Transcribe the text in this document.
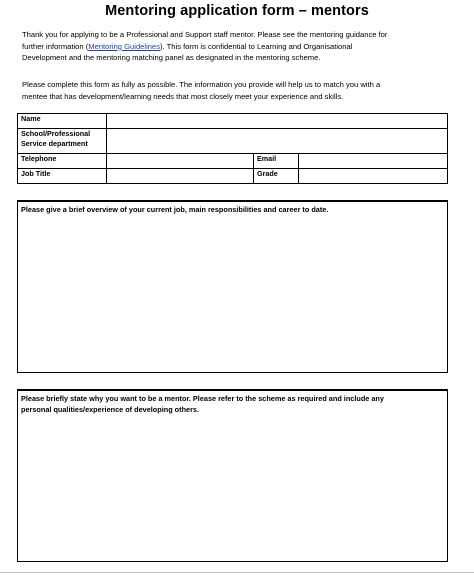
Mentoring application form – mentors
Thank you for applying to be a Professional and Support staff mentor. Please see the mentoring guidance for
further information (Mentoring Guidelines). This form is confidential to Learning and Organisational
Development and the mentoring matching panel as designated in the mentoring scheme.
Please complete this form as fully as possible. The information you provide will help us to match you with a
mentee that has development/learning needs that most closely meet your experience and skills.
Name			
School/Professional
Service department			
Telephone		Email	
Job Title		Grade	
Please give a brief overview of your current job, main responsibilities and career to date.
Please briefly state why you want to be a mentor. Please refer to the scheme as required and include any
personal qualities/experience of developing others.
